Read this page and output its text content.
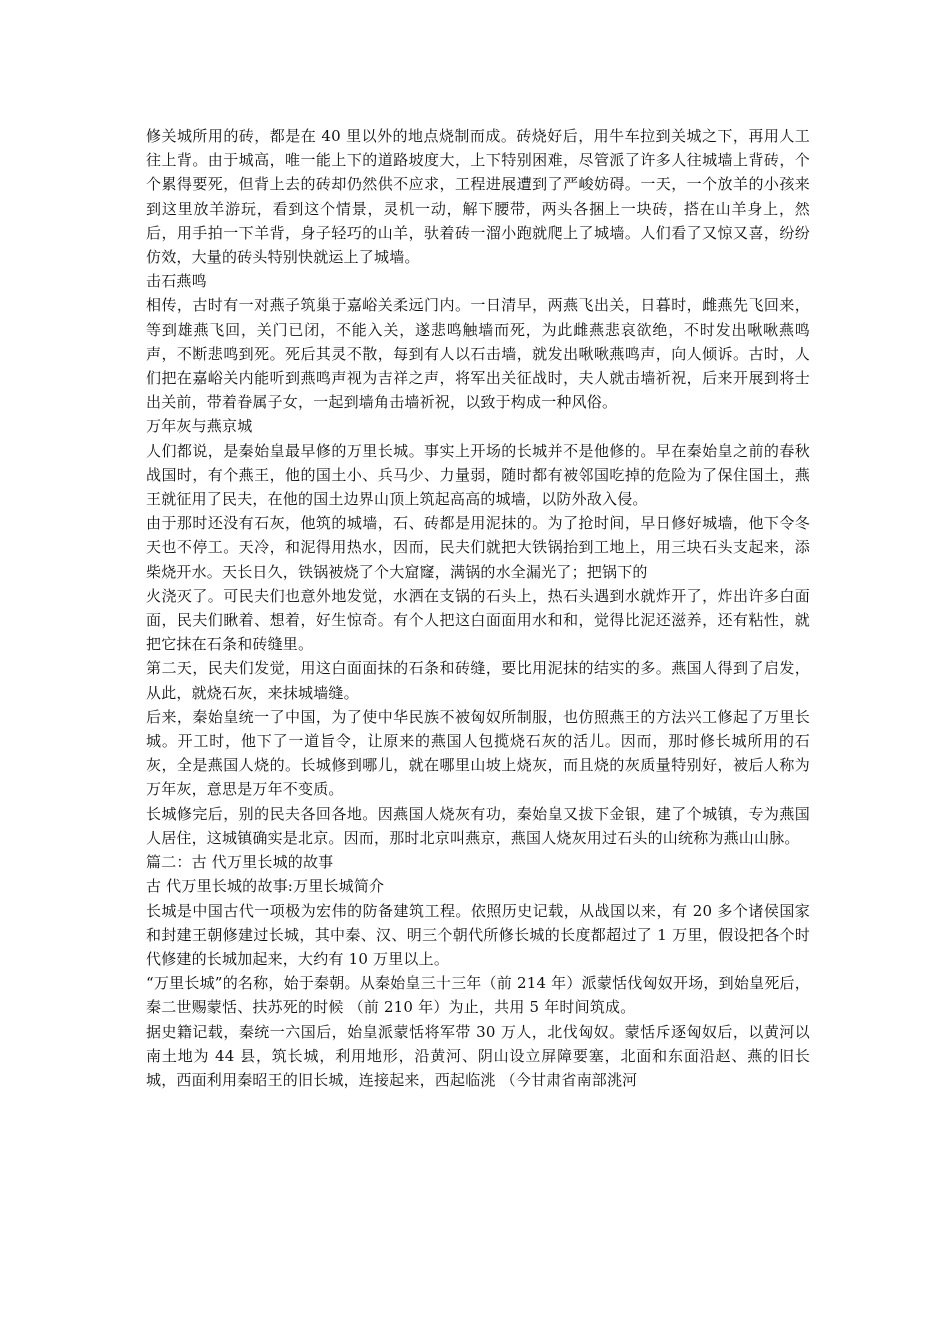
修关城所用的砖，都是在 40 里以外的地点烧制而成。砖烧好后，用牛车拉到关城之下，再用人工往上背。由于城高，唯一能上下的道路坡度大，上下特别困难，尽管派了许多人往城墙上背砖，个个累得要死，但背上去的砖却仍然供不应求，工程进展遭到了严峻妨碍。一天，一个放羊的小孩来到这里放羊游玩，看到这个情景，灵机一动，解下腰带，两头各捆上一块砖，搭在山羊身上，然后，用手拍一下羊背，身子轻巧的山羊，驮着砖一溜小跑就爬上了城墙。人们看了又惊又喜，纷纷仿效，大量的砖头特别快就运上了城墙。

击石燕鸣

相传，古时有一对燕子筑巢于嘉峪关柔远门内。一日清早，两燕飞出关，日暮时，雌燕先飞回来，等到雄燕飞回，关门已闭，不能入关，遂悲鸣触墙而死，为此雌燕悲哀欲绝，不时发出啾啾燕鸣声，不断悲鸣到死。死后其灵不散，每到有人以石击墙，就发出啾啾燕鸣声，向人倾诉。古时，人们把在嘉峪关内能听到燕鸣声视为吉祥之声，将军出关征战时，夫人就击墙祈祝，后来开展到将士出关前，带着眷属子女，一起到墙角击墙祈祝，以致于构成一种风俗。

万年灰与燕京城

人们都说，是秦始皇最早修的万里长城。事实上开场的长城并不是他修的。早在秦始皇之前的春秋战国时，有个燕王，他的国土小、兵马少、力量弱，随时都有被邻国吃掉的危险为了保住国土，燕王就征用了民夫，在他的国土边界山顶上筑起高高的城墙，以防外敌入侵。

由于那时还没有石灰，他筑的城墙，石、砖都是用泥抹的。为了抢时间，早日修好城墙，他下令冬天也不停工。天冷，和泥得用热水，因而，民夫们就把大铁锅抬到工地上，用三块石头支起来，添柴烧开水。天长日久，铁锅被烧了个大窟窿，满锅的水全漏光了；把锅下的

火浇灭了。可民夫们也意外地发觉，水洒在支锅的石头上，热石头遇到水就炸开了，炸出许多白面面，民夫们瞅着、想着，好生惊奇。有个人把这白面面用水和和，觉得比泥还滋养，还有粘性，就把它抹在石条和砖缝里。

第二天，民夫们发觉，用这白面面抹的石条和砖缝，要比用泥抹的结实的多。燕国人得到了启发，从此，就烧石灰，来抹城墙缝。

后来，秦始皇统一了中国，为了使中华民族不被匈奴所制服，也仿照燕王的方法兴工修起了万里长城。开工时，他下了一道旨令，让原来的燕国人包揽烧石灰的活儿。因而，那时修长城所用的石灰，全是燕国人烧的。长城修到哪儿，就在哪里山坡上烧灰，而且烧的灰质量特别好，被后人称为万年灰，意思是万年不变质。

长城修完后，别的民夫各回各地。因燕国人烧灰有功，秦始皇又拔下金银，建了个城镇，专为燕国人居住，这城镇确实是北京。因而，那时北京叫燕京，燕国人烧灰用过石头的山统称为燕山山脉。

篇二：古 代万里长城的故事

古 代万里长城的故事:万里长城简介

长城是中国古代一项极为宏伟的防备建筑工程。依照历史记载，从战国以来，有 20 多个诸侯国家和封建王朝修建过长城，其中秦、汉、明三个朝代所修长城的长度都超过了 1 万里，假设把各个时代修建的长城加起来，大约有 10 万里以上。

“万里长城”的名称，始于秦朝。从秦始皇三十三年（前 214 年）派蒙恬伐匈奴开场，到始皇死后，秦二世赐蒙恬、扶苏死的时候 （前 210 年）为止，共用 5 年时间筑成。

据史籍记载，秦统一六国后，始皇派蒙恬将军带 30 万人，北伐匈奴。蒙恬斥逐匈奴后，以黄河以南土地为 44 县，筑长城，利用地形，沿黄河、阴山设立屏障要塞，北面和东面沿赵、燕的旧长城，西面利用秦昭王的旧长城，连接起来，西起临洮 （今甘肃省南部洮河
